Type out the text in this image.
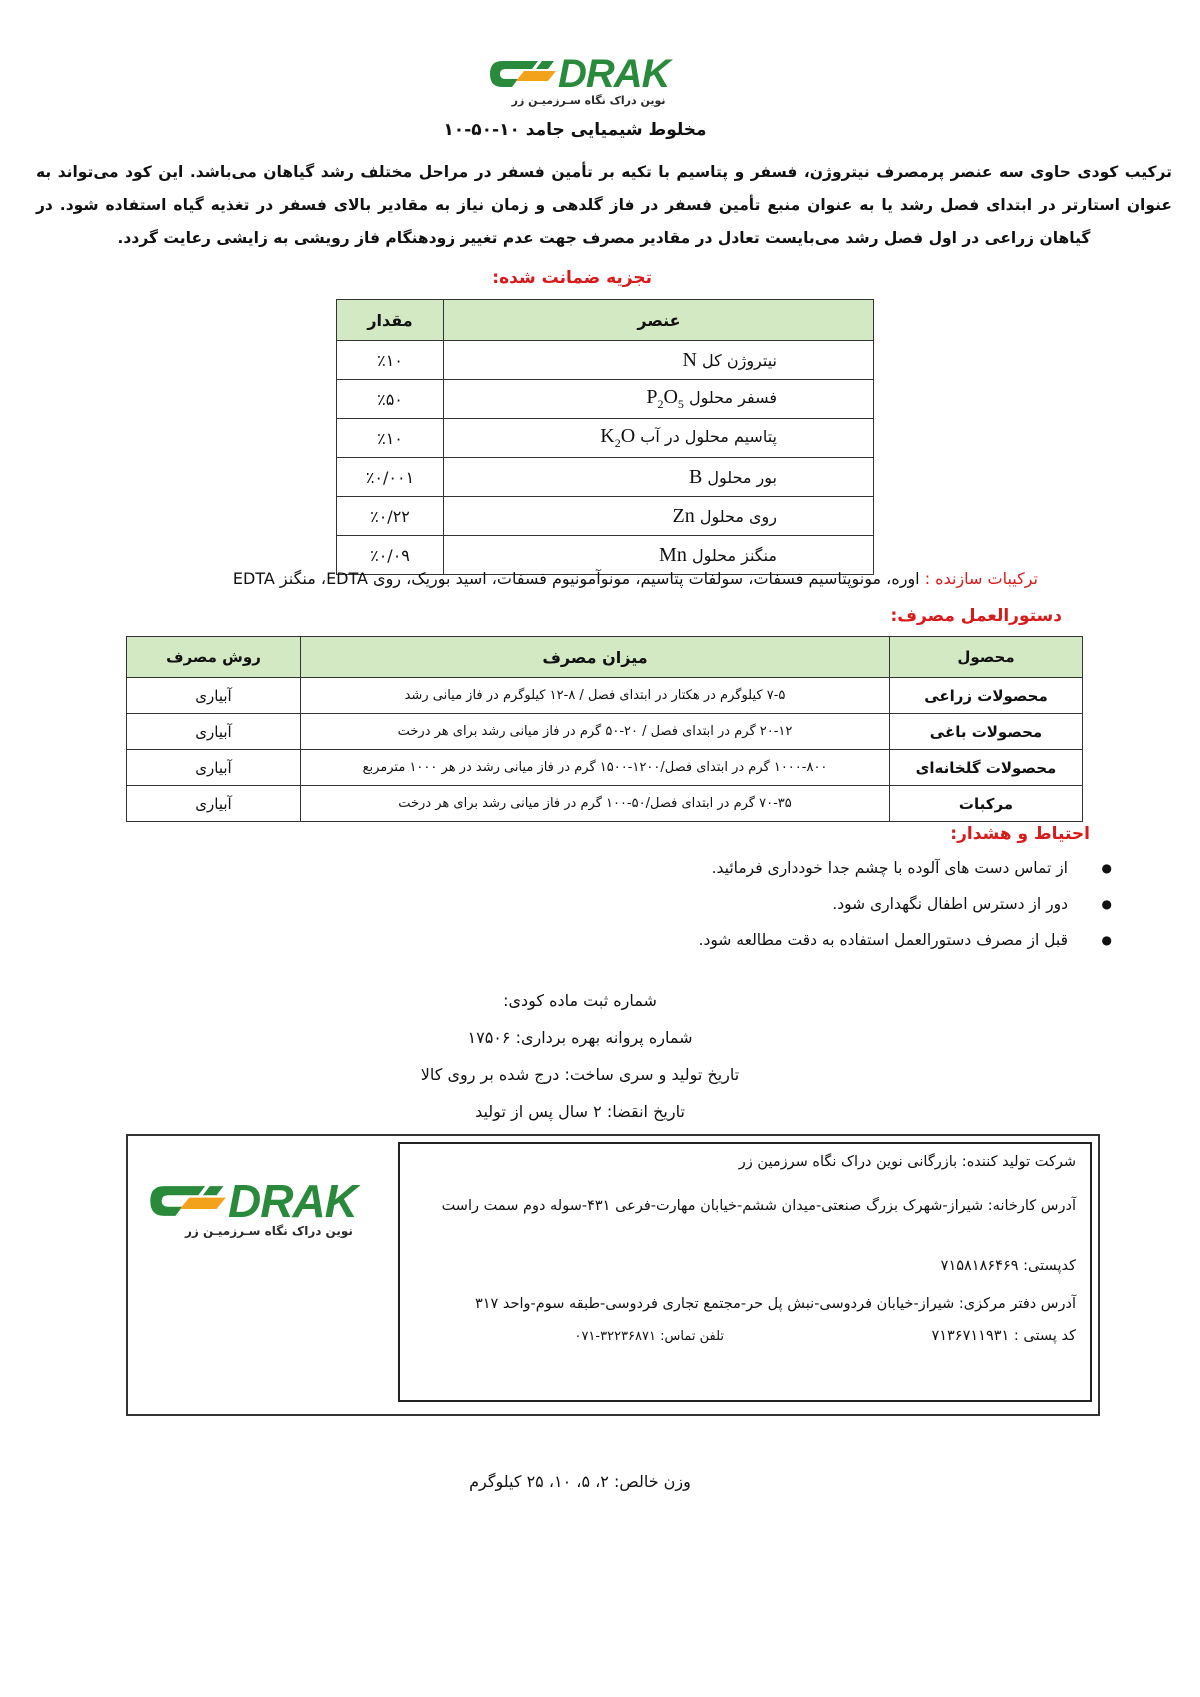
DRAK
نوین دراک نگاه سـرزمیـن زر
مخلوط شیمیایی جامد ۱۰-۵۰-۱۰
ترکیب کودی حاوی سه عنصر پرمصرف نیتروژن، فسفر و پتاسیم با تکیه بر تأمین فسفر در مراحل مختلف رشد گیاهان می‌باشد. این کود می‌تواند به عنوان استارتر در ابتدای فصل رشد یا به عنوان منبع تأمین فسفر در فاز گلدهی و زمان نیاز به مقادیر بالای فسفر در تغذیه گیاه استفاده شود. در گیاهان زراعی در اول فصل رشد می‌بایست تعادل در مقادیر مصرف جهت عدم تغییر زودهنگام فاز رویشی به زایشی رعایت گردد.
تجزیه ضمانت شده:
عنصر	مقدار
نیتروژن کل N	٪۱۰
فسفر محلول $P_2O_5$	٪۵۰
پتاسیم محلول در آب $K_2O$	٪۱۰
بور محلول B	٪۰/۰۰۱
روی محلول Zn	٪۰/۲۲
منگنز محلول Mn	٪۰/۰۹
ترکیبات سازنده : اوره، مونوپتاسیم فسفات، سولفات پتاسیم، مونوآمونیوم فسفات، اسید بوریک، روی EDTA، منگنز EDTA
دستورالعمل مصرف:
محصول	میزان مصرف	روش مصرف
محصولات زراعی	۷-۵ کیلوگرم در هکتار در ابتدای فصل / ۸-۱۲ کیلوگرم در فاز میانی رشد	آبیاری
محصولات باغی	۲۰-۱۲ گرم در ابتدای فصل / ۲۰-۵۰ گرم در فاز میانی رشد برای هر درخت	آبیاری
محصولات گلخانه‌ای	۱۰۰۰-۸۰۰ گرم در ابتدای فصل/۱۲۰۰-۱۵۰۰ گرم در فاز میانی رشد در هر ۱۰۰۰ مترمربع	آبیاری
مرکبات	۷۰-۳۵ گرم در ابتدای فصل/۵۰-۱۰۰ گرم در فاز میانی رشد برای هر درخت	آبیاری
احتیاط و هشدار:
● از تماس دست های آلوده با چشم جدا خودداری فرمائید.
● دور از دسترس اطفال نگهداری شود.
● قبل از مصرف دستورالعمل استفاده به دقت مطالعه شود.
شماره ثبت ماده کودی:
شماره پروانه بهره برداری: ۱۷۵۰۶
تاریخ تولید و سری ساخت: درج شده بر روی کالا
تاریخ انقضا: ۲ سال پس از تولید
DRAK
نوین دراک نگاه سـرزمیـن زر
شرکت تولید کننده: بازرگانی نوین دراک نگاه سرزمین زر
آدرس کارخانه: شیراز-شهرک بزرگ صنعتی-میدان ششم-خیابان مهارت-فرعی ۴۳۱-سوله دوم سمت راست
کدپستی: ۷۱۵۸۱۸۶۴۶۹
آدرس دفتر مرکزی: شیراز-خیابان فردوسی-نبش پل حر-مجتمع تجاری فردوسی-طبقه سوم-واحد ۳۱۷
کد پستی : ۷۱۳۶۷۱۱۹۳۱
تلفن تماس: ۳۲۲۳۶۸۷۱-۰۷۱
وزن خالص: ۲، ۵، ۱۰، ۲۵ کیلوگرم
